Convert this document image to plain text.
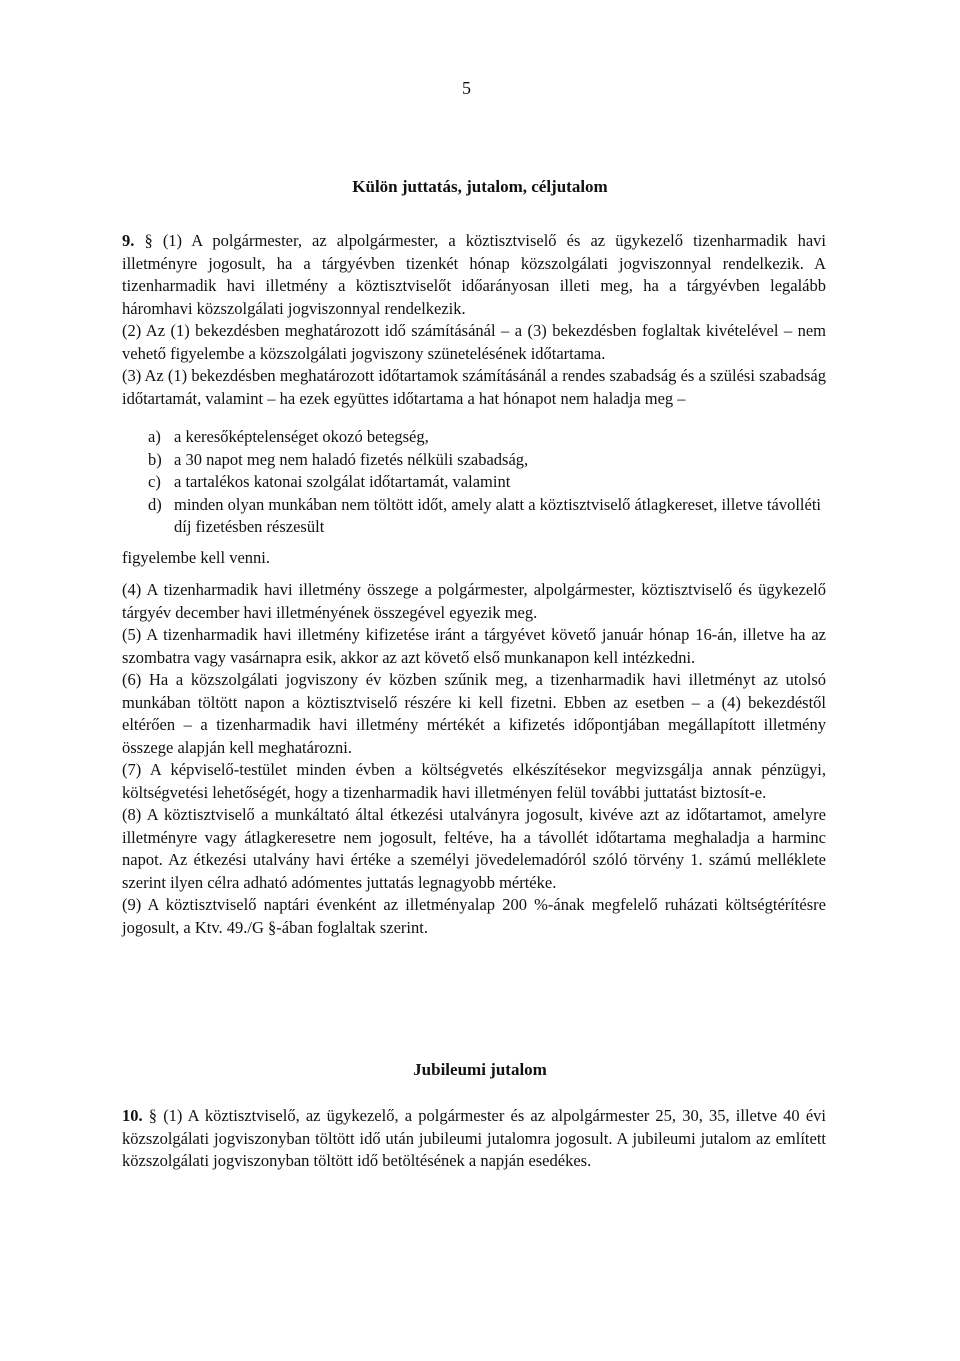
5
Külön juttatás, jutalom, céljutalom

9. § (1) A polgármester, az alpolgármester, a köztisztviselő és az ügykezelő tizenharmadik havi illetményre jogosult, ha a tárgyévben tizenkét hónap közszolgálati jogviszonnyal rendelkezik. A tizenharmadik havi illetmény a köztisztviselőt időarányosan illeti meg, ha a tárgyévben legalább háromhavi közszolgálati jogviszonnyal rendelkezik.

(2) Az (1) bekezdésben meghatározott idő számításánál – a (3) bekezdésben foglaltak kivételével – nem vehető figyelembe a közszolgálati jogviszony szünetelésének időtartama.

(3) Az (1) bekezdésben meghatározott időtartamok számításánál a rendes szabadság és a szülési szabadság időtartamát, valamint – ha ezek együttes időtartama a hat hónapot nem haladja meg –

a) a keresőképtelenséget okozó betegség,
b) a 30 napot meg nem haladó fizetés nélküli szabadság,
c) a tartalékos katonai szolgálat időtartamát, valamint
d) minden olyan munkában nem töltött időt, amely alatt a köztisztviselő átlagkereset, illetve távolléti díj fizetésben részesült

figyelembe kell venni.

(4) A tizenharmadik havi illetmény összege a polgármester, alpolgármester, köztisztviselő és ügykezelő tárgyév december havi illetményének összegével egyezik meg.

(5) A tizenharmadik havi illetmény kifizetése iránt a tárgyévet követő január hónap 16-án, illetve ha az szombatra vagy vasárnapra esik, akkor az azt követő első munkanapon kell intézkedni.

(6) Ha a közszolgálati jogviszony év közben szűnik meg, a tizenharmadik havi illetményt az utolsó munkában töltött napon a köztisztviselő részére ki kell fizetni. Ebben az esetben – a (4) bekezdéstől eltérően – a tizenharmadik havi illetmény mértékét a kifizetés időpontjában megállapított illetmény összege alapján kell meghatározni.

(7) A képviselő-testület minden évben a költségvetés elkészítésekor megvizsgálja annak pénzügyi, költségvetési lehetőségét, hogy a tizenharmadik havi illetményen felül további juttatást biztosít-e.

(8) A köztisztviselő a munkáltató által étkezési utalványra jogosult, kivéve azt az időtartamot, amelyre illetményre vagy átlagkeresetre nem jogosult, feltéve, ha a távollét időtartama meghaladja a harminc napot. Az étkezési utalvány havi értéke a személyi jövedelemadóról szóló törvény 1. számú melléklete szerint ilyen célra adható adómentes juttatás legnagyobb mértéke.

(9) A köztisztviselő naptári évenként az illetményalap 200 %-ának megfelelő ruházati költségtérítésre jogosult, a Ktv. 49./G §-ában foglaltak szerint.

Jubileumi jutalom

10. § (1) A köztisztviselő, az ügykezelő, a polgármester és az alpolgármester 25, 30, 35, illetve 40 évi közszolgálati jogviszonyban töltött idő után jubileumi jutalomra jogosult. A jubileumi jutalom az említett közszolgálati jogviszonyban töltött idő betöltésének a napján esedékes.
